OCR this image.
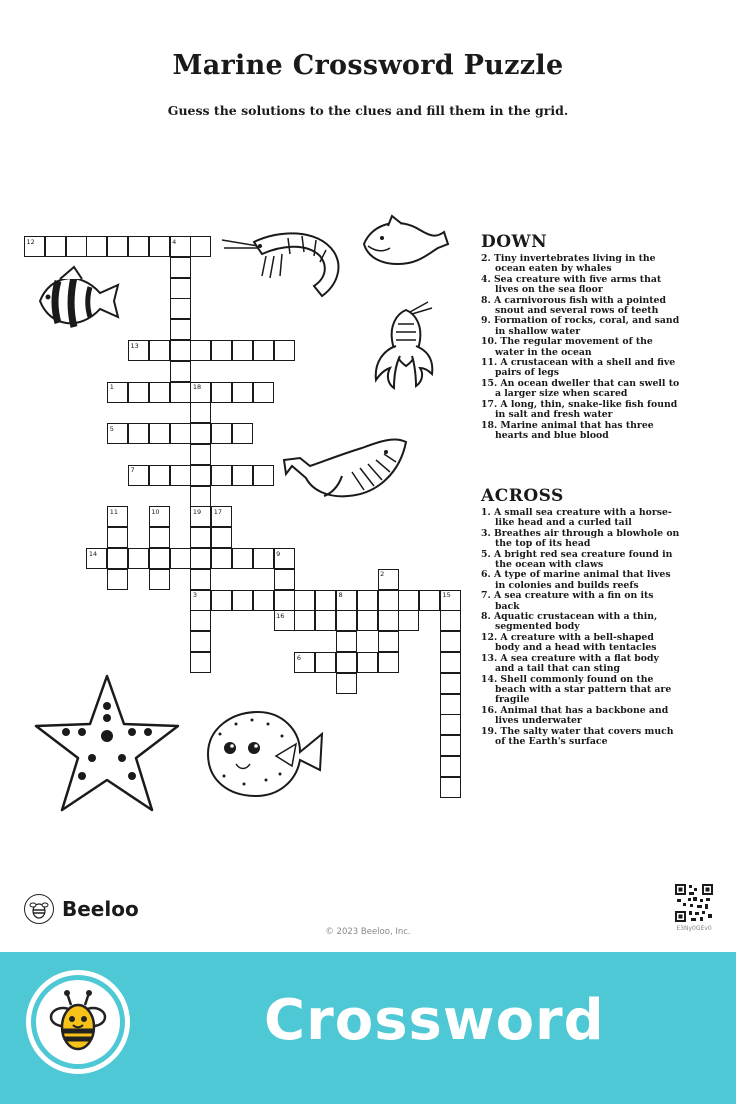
Marine Crossword Puzzle
Guess the solutions to the clues and fill them in the grid.
12	4
13
1	18
5
7
11	10	19 17
14	9
2
3	8	15
16
6
DOWN
2. Tiny invertebrates living in the ocean eaten by whales
4. Sea creature with five arms that lives on the sea floor
8. A carnivorous fish with a pointed snout and several rows of teeth
9. Formation of rocks, coral, and sand in shallow water
10. The regular movement of the water in the ocean
11. A crustacean with a shell and five pairs of legs
15. An ocean dweller that can swell to a larger size when scared
17. A long, thin, snake-like fish found in salt and fresh water
18. Marine animal that has three hearts and blue blood
ACROSS
1. A small sea creature with a horse-like head and a curled tail
3. Breathes air through a blowhole on the top of its head
5. A bright red sea creature found in the ocean with claws
6. A type of marine animal that lives in colonies and builds reefs
7. A sea creature with a fin on its back
8. Aquatic crustacean with a thin, segmented body
12. A creature with a bell-shaped body and a head with tentacles
13. A sea creature with a flat body and a tail that can sting
14. Shell commonly found on the beach with a star pattern that are fragile
16. Animal that has a backbone and lives underwater
19. The salty water that covers much of the Earth's surface
Beeloo
© 2023 Beeloo, Inc.	E3Ny0GEv0
Crossword
